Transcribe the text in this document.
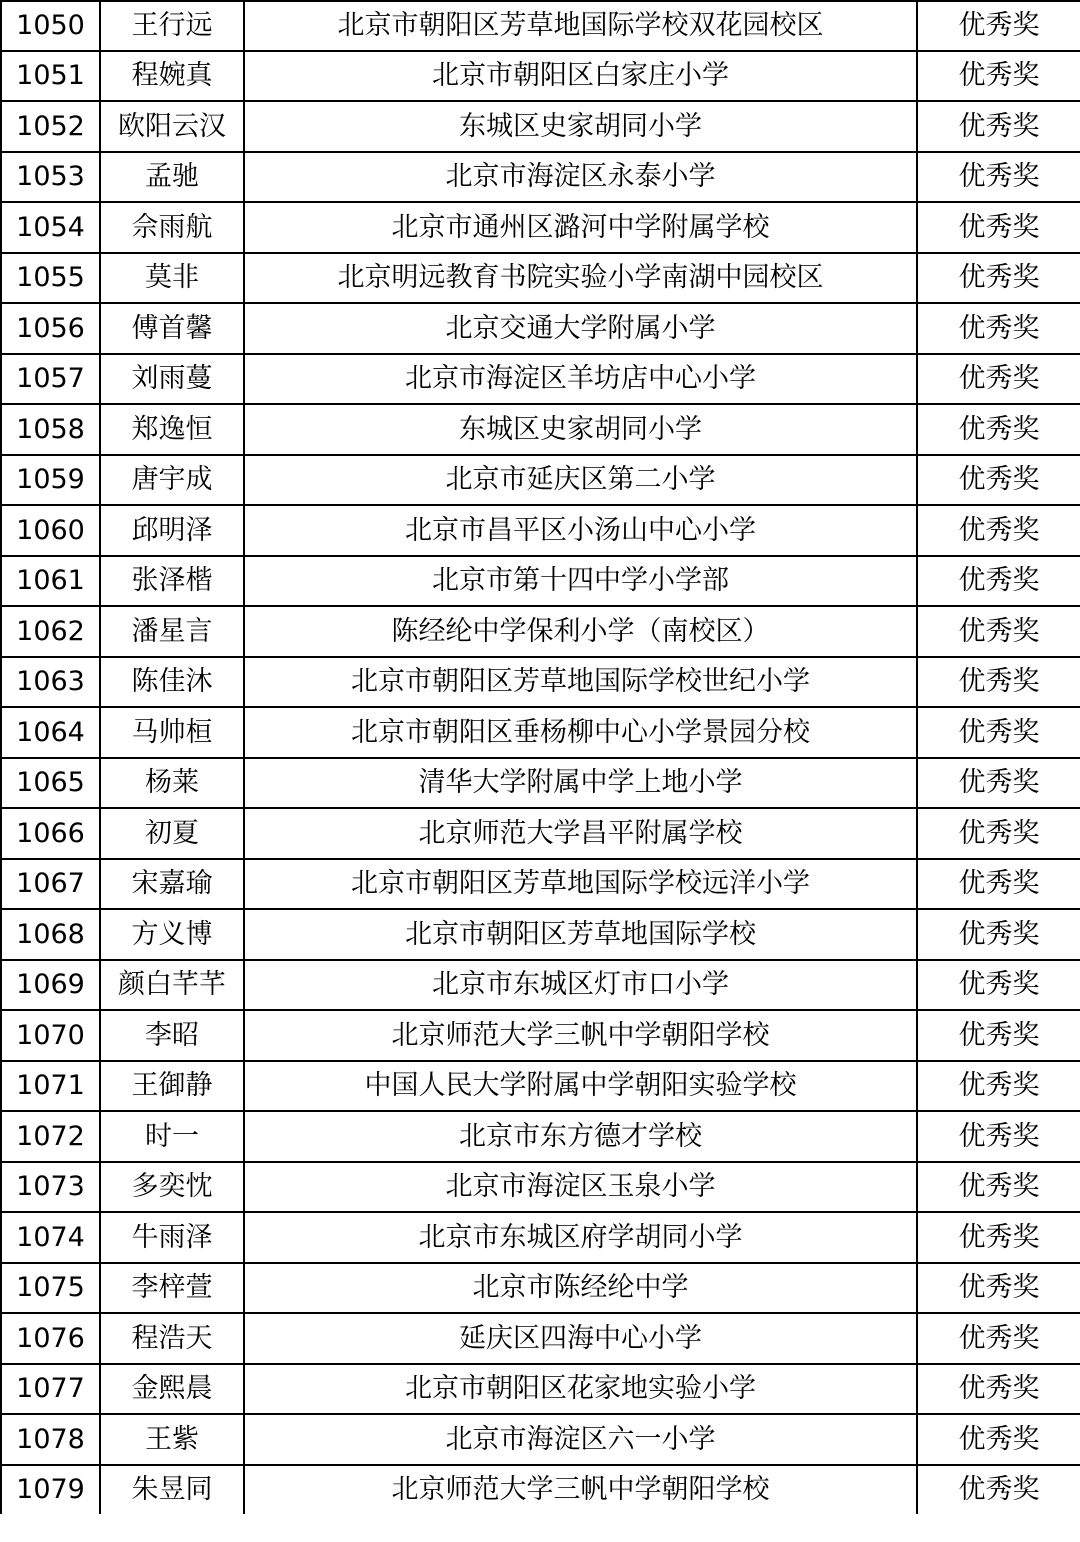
1050	王行远	北京市朝阳区芳草地国际学校双花园校区	优秀奖
1051	程婉真	北京市朝阳区白家庄小学	优秀奖
1052	欧阳云汉	东城区史家胡同小学	优秀奖
1053	孟驰	北京市海淀区永泰小学	优秀奖
1054	佘雨航	北京市通州区潞河中学附属学校	优秀奖
1055	莫非	北京明远教育书院实验小学南湖中园校区	优秀奖
1056	傅首馨	北京交通大学附属小学	优秀奖
1057	刘雨蔓	北京市海淀区羊坊店中心小学	优秀奖
1058	郑逸恒	东城区史家胡同小学	优秀奖
1059	唐宇成	北京市延庆区第二小学	优秀奖
1060	邱明泽	北京市昌平区小汤山中心小学	优秀奖
1061	张泽楷	北京市第十四中学小学部	优秀奖
1062	潘星言	陈经纶中学保利小学（南校区）	优秀奖
1063	陈佳沐	北京市朝阳区芳草地国际学校世纪小学	优秀奖
1064	马帅桓	北京市朝阳区垂杨柳中心小学景园分校	优秀奖
1065	杨莱	清华大学附属中学上地小学	优秀奖
1066	初夏	北京师范大学昌平附属学校	优秀奖
1067	宋嘉瑜	北京市朝阳区芳草地国际学校远洋小学	优秀奖
1068	方义博	北京市朝阳区芳草地国际学校	优秀奖
1069	颜白芊芊	北京市东城区灯市口小学	优秀奖
1070	李昭	北京师范大学三帆中学朝阳学校	优秀奖
1071	王御静	中国人民大学附属中学朝阳实验学校	优秀奖
1072	时一	北京市东方德才学校	优秀奖
1073	多奕忱	北京市海淀区玉泉小学	优秀奖
1074	牛雨泽	北京市东城区府学胡同小学	优秀奖
1075	李梓萱	北京市陈经纶中学	优秀奖
1076	程浩天	延庆区四海中心小学	优秀奖
1077	金熙晨	北京市朝阳区花家地实验小学	优秀奖
1078	王紫	北京市海淀区六一小学	优秀奖
1079	朱昱同	北京师范大学三帆中学朝阳学校	优秀奖
